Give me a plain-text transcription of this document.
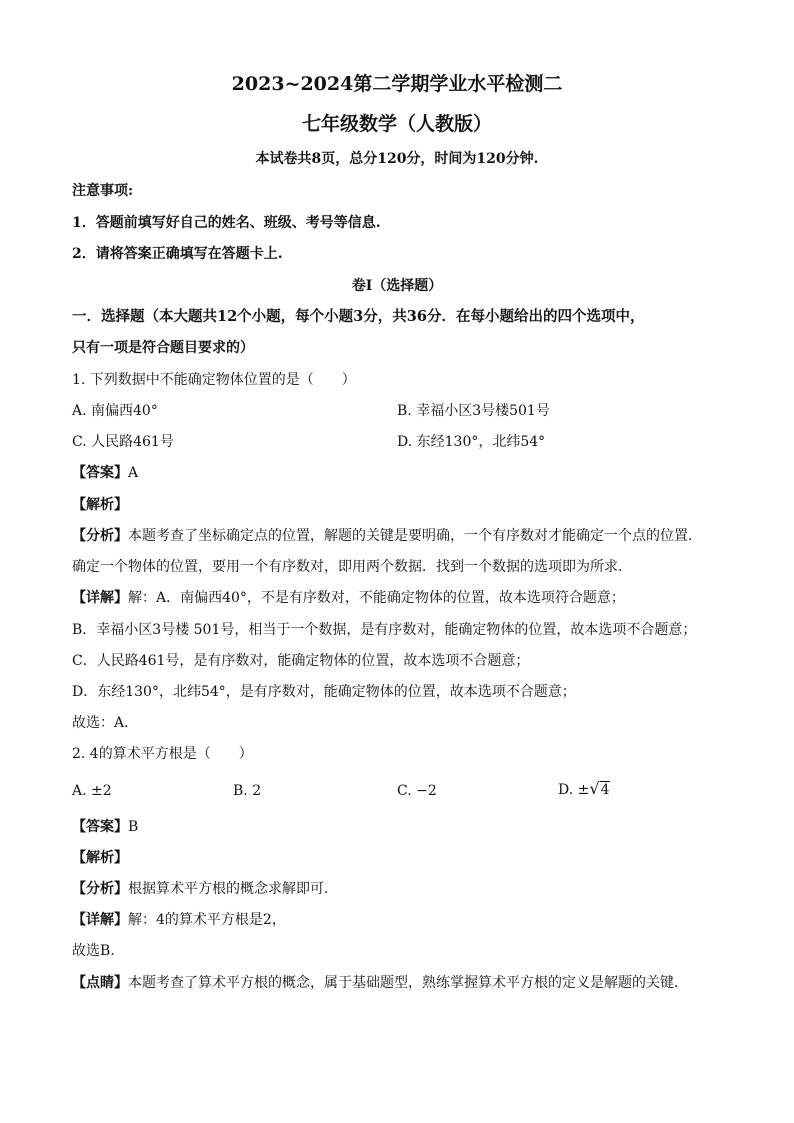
2023~2024第二学期学业水平检测二
七年级数学（人教版）
本试卷共8页，总分120分，时间为120分钟.
注意事项:
1．答题前填写好自己的姓名、班级、考号等信息.
2．请将答案正确填写在答题卡上.
卷Ⅰ（选择题）
一．选择题（本大题共12个小题，每个小题3分，共36分．在每小题给出的四个选项中，
只有一项是符合题目要求的）
1. 下列数据中不能确定物体位置的是（　　）
A. 南偏西40°	B. 幸福小区3号楼501号
C. 人民路461号	D. 东经130°，北纬54°
【答案】A
【解析】
【分析】本题考查了坐标确定点的位置，解题的关键是要明确，一个有序数对才能确定一个点的位置．
确定一个物体的位置，要用一个有序数对，即用两个数据．找到一个数据的选项即为所求．
【详解】解：A．南偏西40°，不是有序数对，不能确定物体的位置，故本选项符合题意；
B．幸福小区3号楼 501号，相当于一个数据，是有序数对，能确定物体的位置，故本选项不合题意；
C．人民路461号，是有序数对，能确定物体的位置，故本选项不合题意；
D．东经130°，北纬54°，是有序数对，能确定物体的位置，故本选项不合题意；
故选：A．
2. 4的算术平方根是（　　）
A. ±2	B. 2	C. −2	D. ±√4
【答案】B
【解析】
【分析】根据算术平方根的概念求解即可．
【详解】解：4的算术平方根是2，
故选B.
【点睛】本题考查了算术平方根的概念，属于基础题型，熟练掌握算术平方根的定义是解题的关键．
